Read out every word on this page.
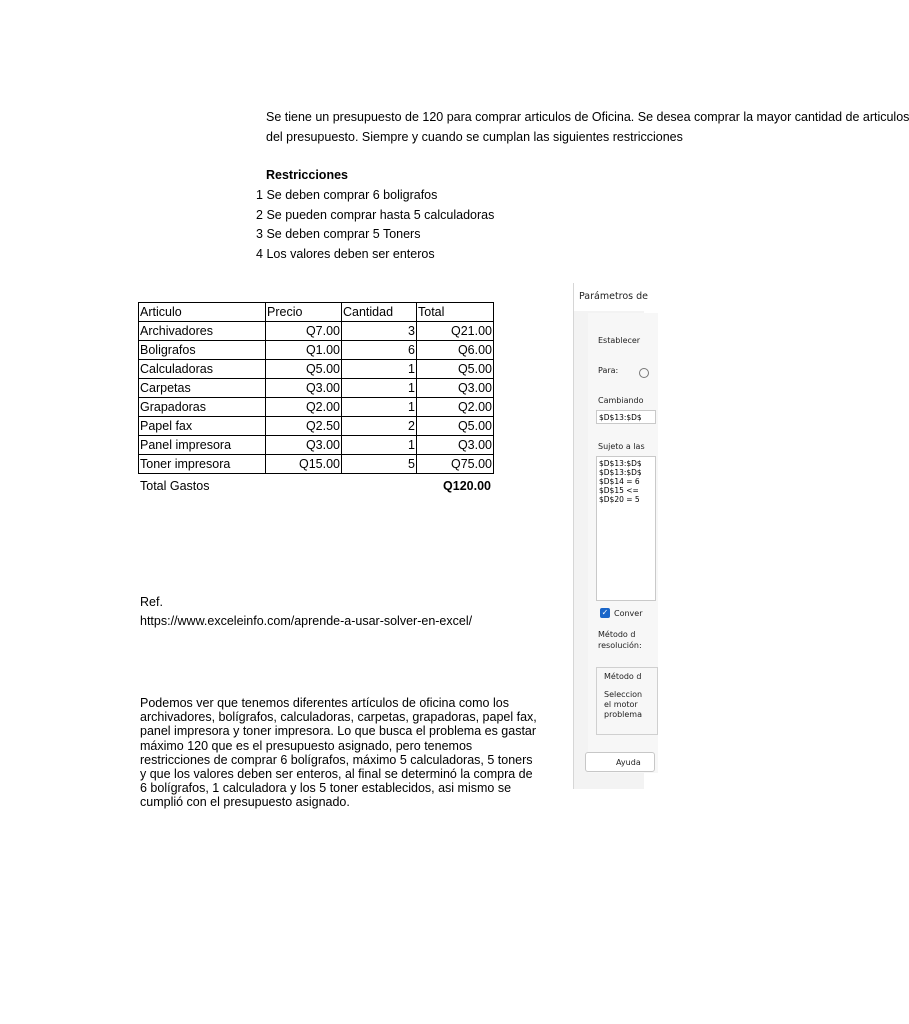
Se tiene un presupuesto de 120 para comprar articulos de Oficina. Se desea comprar la mayor cantidad de articulos
del presupuesto. Siempre y cuando se cumplan las siguientes restricciones
Restricciones
1 Se deben comprar 6 boligrafos
2 Se pueden comprar hasta 5 calculadoras
3 Se deben comprar 5 Toners
4 Los valores deben ser enteros
Articulo	Precio	Cantidad	Total
Archivadores	Q7.00	3	Q21.00
Boligrafos	Q1.00	6	Q6.00
Calculadoras	Q5.00	1	Q5.00
Carpetas	Q3.00	1	Q3.00
Grapadoras	Q2.00	1	Q2.00
Papel fax	Q2.50	2	Q5.00
Panel impresora	Q3.00	1	Q3.00
Toner impresora	Q15.00	5	Q75.00
Total Gastos	Q120.00
Ref.
https://www.exceleinfo.com/aprende-a-usar-solver-en-excel/
Podemos ver que tenemos diferentes artículos de oficina como los archivadores, bolígrafos, calculadoras, carpetas, grapadoras, papel fax, panel impresora y toner impresora. Lo que busca el problema es gastar máximo 120 que es el presupuesto asignado, pero tenemos restricciones de comprar 6 bolígrafos, máximo 5 calculadoras, 5 toners y que los valores deben ser enteros, al final se determinó la compra de 6 bolígrafos, 1 calculadora y los 5 toner establecidos, asi mismo se cumplió con el presupuesto asignado.
Parámetros de
Establecer
Para:
Cambiando
$D$13:$D$
Sujeto a las
$D$13:$D$
$D$13:$D$
$D$14 = 6
$D$15 <=
$D$20 = 5
✓ Conver
Método d
resolución:
Método d
Seleccion
el motor
problema
Ayuda
